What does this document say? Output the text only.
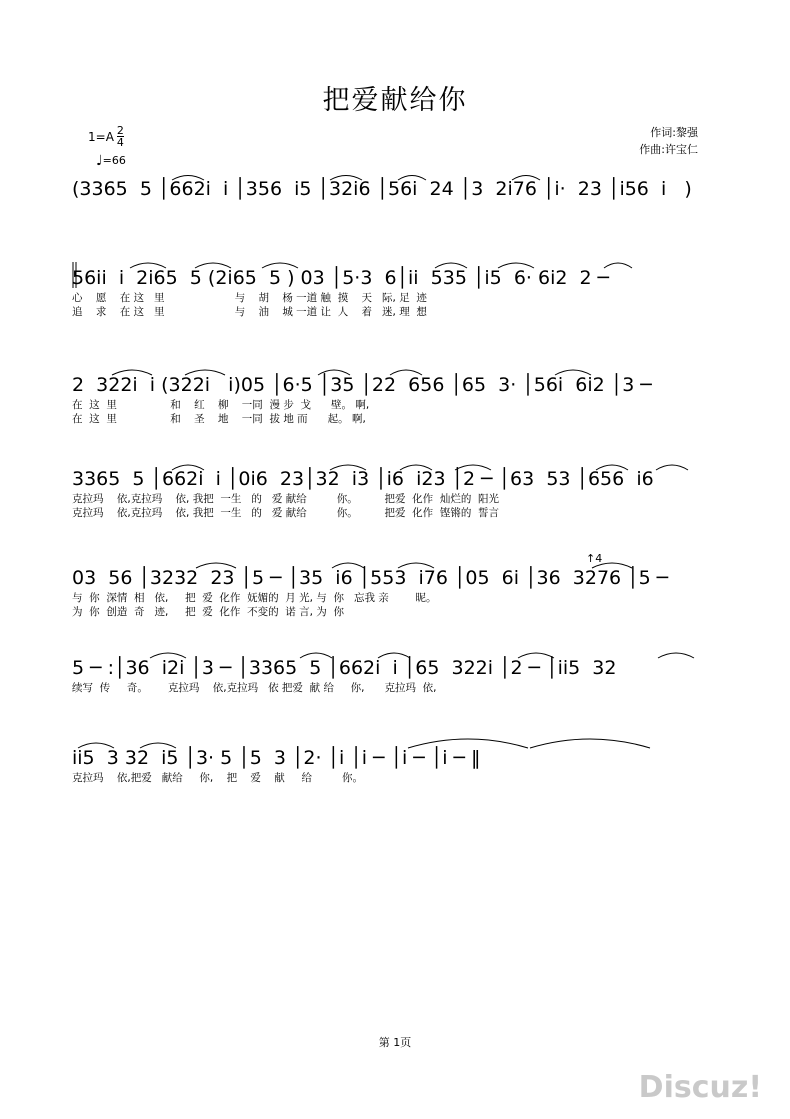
把爱献给你
作词:黎强
作曲:许宝仁
$1=A \frac{2}{4}$
♩=66
(3365  5 │662i  i │356  i5 │32i6 │56i  24 │3  2i76 │i·  23 │i56  i   )
56ii  i  2i65  5 (2i65  5 ) 03 │5·3  6│ii  535 │i5  6· 6i2  2 ─
心    愿    在 这   里                     与    胡    杨 一道 触  摸    天   际, 足  迹
追    求    在 这   里                     与    油    城 一道 让  人    着   迷, 理  想
2  322i  i (322i   i)05 │6·5 │35 │22  656 │65  3· │56i  6i2 │3 ─
在  这  里                和    红    柳    一同  漫 步  戈      壁。 啊,
在  这  里                和    圣    地    一同  拔 地 而      起。 啊,
3365  5 │662i  i │0i6  23│32  i3 │i6  i23 │2 ─ │63  53 │656  i6
克拉玛    依,克拉玛    依, 我把  一生   的   爱 献给         你。        把爱  化作  灿烂的  阳光
克拉玛    依,克拉玛    依, 我把  一生   的   爱 献给         你。        把爱  化作  铿锵的  誓言
03  56 │3232  23 │5 ─ │35  i6 │553  i76 │05  6i │36  3276 │5 ─
与  你  深情  相   依,     把  爱  化作  妩媚的  月 光, 与  你   忘我 亲        昵。
为  你  创造  奇   迹,     把  爱  化作  不变的  诺 言, 为  你
5 ─ :│36  i2i │3 ─ │3365  5 │662i  i │65  322i │2 ─ │ii5  32
续写  传     奇。      克拉玛    依,克拉玛   依 把爱  献 给     你,      克拉玛  依,
ii5  3 32  i5 │3· 5 │5  3 │2· │i │i ─ │i ─ │i ─ ‖
克拉玛    依,把爱   献给     你,    把    爱    献     给         你。
↑4
第 1页
Discuz!
